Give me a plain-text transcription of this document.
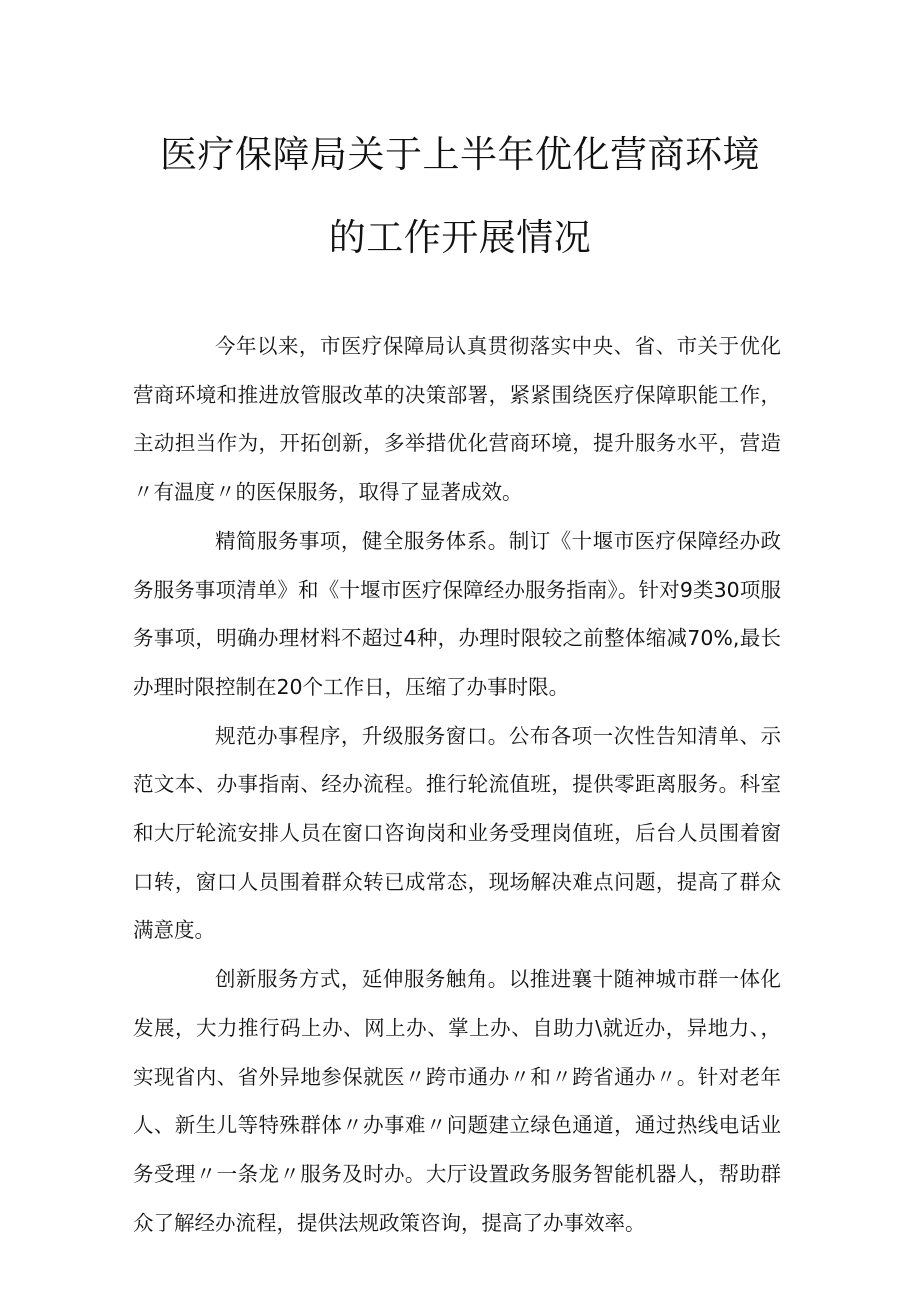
医疗保障局关于上半年优化营商环境
的工作开展情况

今年以来，市医疗保障局认真贯彻落实中央、省、市关于优化营商环境和推进放管服改革的决策部署，紧紧围绕医疗保障职能工作，主动担当作为，开拓创新，多举措优化营商环境，提升服务水平，营造〃有温度〃的医保服务，取得了显著成效。

精简服务事项，健全服务体系。制订《十堰市医疗保障经办政务服务事项清单》和《十堰市医疗保障经办服务指南》。针对9类30项服务事项，明确办理材料不超过4种，办理时限较之前整体缩减70%,最长办理时限控制在20个工作日，压缩了办事时限。

规范办事程序，升级服务窗口。公布各项一次性告知清单、示范文本、办事指南、经办流程。推行轮流值班，提供零距离服务。科室和大厅轮流安排人员在窗口咨询岗和业务受理岗值班，后台人员围着窗口转，窗口人员围着群众转已成常态，现场解决难点问题，提高了群众满意度。

创新服务方式，延伸服务触角。以推进襄十随神城市群一体化发展，大力推行码上办、网上办、掌上办、自助力\就近办，异地力、，实现省内、省外异地参保就医〃跨市通办〃和〃跨省通办〃。针对老年人、新生儿等特殊群体〃办事难〃问题建立绿色通道，通过热线电话业务受理〃一条龙〃服务及时办。大厅设置政务服务智能机器人，帮助群众了解经办流程，提供法规政策咨询，提高了办事效率。
